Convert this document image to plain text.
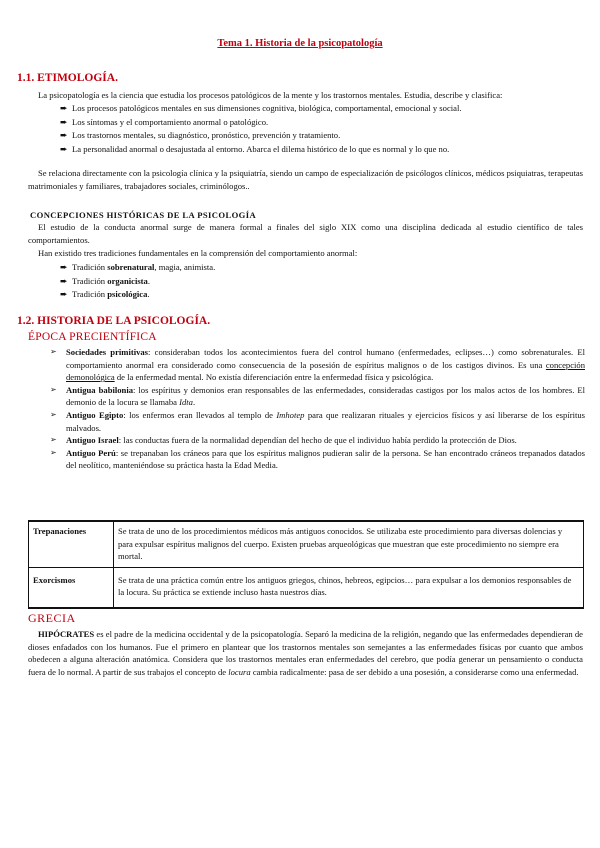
Tema 1. Historia de la psicopatología
1.1. ETIMOLOGÍA.
La psicopatología es la ciencia que estudia los procesos patológicos de la mente y los trastornos mentales. Estudia, describe y clasifica:
➨ Los procesos patológicos mentales en sus dimensiones cognitiva, biológica, comportamental, emocional y social.
➨ Los síntomas y el comportamiento anormal o patológico.
➨ Los trastornos mentales, su diagnóstico, pronóstico, prevención y tratamiento.
➨ La personalidad anormal o desajustada al entorno. Abarca el dilema histórico de lo que es normal y lo que no.
Se relaciona directamente con la psicología clínica y la psiquiatría, siendo un campo de especialización de psicólogos clínicos, médicos psiquiatras, terapeutas matrimoniales y familiares, trabajadores sociales, criminólogos..
CONCEPCIONES HISTÓRICAS DE LA PSICOLOGÍA
El estudio de la conducta anormal surge de manera formal a finales del siglo XIX como una disciplina dedicada al estudio científico de tales comportamientos.
Han existido tres tradiciones fundamentales en la comprensión del comportamiento anormal:
➨ Tradición sobrenatural, magia, animista.
➨ Tradición organicista.
➨ Tradición psicológica.
1.2. HISTORIA DE LA PSICOLOGÍA.
ÉPOCA PRECIENTÍFICA
➢ Sociedades primitivas: consideraban todos los acontecimientos fuera del control humano (enfermedades, eclipses…) como sobrenaturales. El comportamiento anormal era considerado como consecuencia de la posesión de espíritus malignos o de los castigos divinos. Es una concepción demonológica de la enfermedad mental. No existía diferenciación entre la enfermedad física y psicológica.
➢ Antigua babilonia: los espíritus y demonios eran responsables de las enfermedades, consideradas castigos por los malos actos de los hombres. El demonio de la locura se llamaba Idta.
➢ Antiguo Egipto: los enfermos eran llevados al templo de Imhotep para que realizaran rituales y ejercicios físicos y así liberarse de los espíritus malvados.
➢ Antiguo Israel: las conductas fuera de la normalidad dependían del hecho de que el individuo había perdido la protección de Dios.
➢ Antiguo Perú: se trepanaban los cráneos para que los espíritus malignos pudieran salir de la persona. Se han encontrado cráneos trepanados datados del neolítico, manteniéndose su práctica hasta la Edad Media.
Trepanaciones	Se trata de uno de los procedimientos médicos más antiguos conocidos. Se utilizaba este procedimiento para diversas dolencias y para expulsar espíritus malignos del cuerpo. Existen pruebas arqueológicas que muestran que este procedimiento no siempre era mortal.
Exorcismos	Se trata de una práctica común entre los antiguos griegos, chinos, hebreos, egipcios… para expulsar a los demonios responsables de la locura. Su práctica se extiende incluso hasta nuestros días.
GRECIA
HIPÓCRATES es el padre de la medicina occidental y de la psicopatología. Separó la medicina de la religión, negando que las enfermedades dependieran de dioses enfadados con los humanos. Fue el primero en plantear que los trastornos mentales son semejantes a las enfermedades físicas por cuanto que ambos obedecen a alguna alteración anatómica. Considera que los trastornos mentales eran enfermedades del cerebro, que podía generar un pensamiento o conducta fuera de lo normal. A partir de sus trabajos el concepto de locura cambia radicalmente: pasa de ser debido a una posesión, a considerarse como una enfermedad.
